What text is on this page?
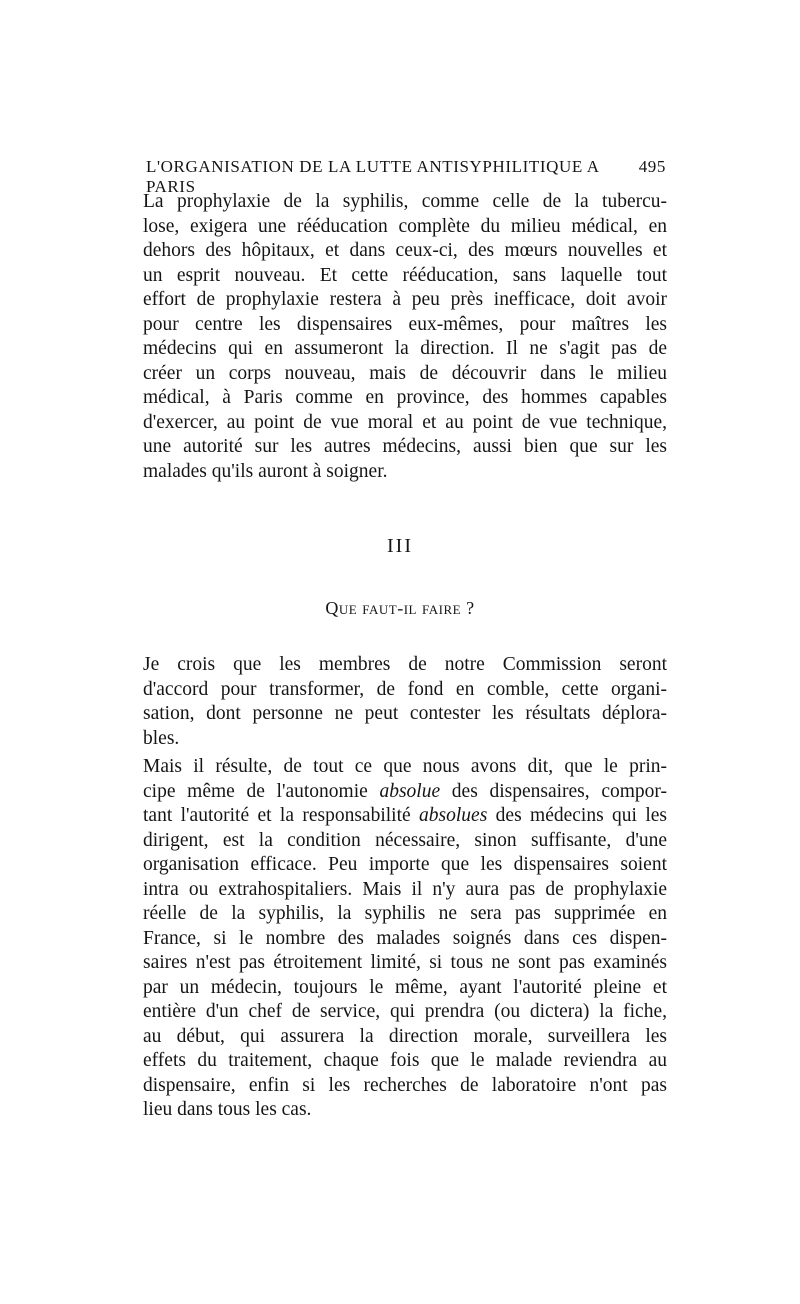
L'ORGANISATION DE LA LUTTE ANTISYPHILITIQUE A PARIS
495

La prophylaxie de la syphilis, comme celle de la tubercu-
lose, exigera une rééducation complète du milieu médical, en
dehors des hôpitaux, et dans ceux-ci, des mœurs nouvelles et
un esprit nouveau. Et cette rééducation, sans laquelle tout
effort de prophylaxie restera à peu près inefficace, doit avoir
pour centre les dispensaires eux-mêmes, pour maîtres les
médecins qui en assumeront la direction. Il ne s'agit pas de
créer un corps nouveau, mais de découvrir dans le milieu
médical, à Paris comme en province, des hommes capables
d'exercer, au point de vue moral et au point de vue technique,
une autorité sur les autres médecins, aussi bien que sur les
malades qu'ils auront à soigner.

III
Que faut-il faire ?

Je crois que les membres de notre Commission seront
d'accord pour transformer, de fond en comble, cette organi-
sation, dont personne ne peut contester les résultats déplora-
bles.

Mais il résulte, de tout ce que nous avons dit, que le prin-
cipe même de l'autonomie absolue des dispensaires, compor-
tant l'autorité et la responsabilité absolues des médecins qui les
dirigent, est la condition nécessaire, sinon suffisante, d'une
organisation efficace. Peu importe que les dispensaires soient
intra ou extrahospitaliers. Mais il n'y aura pas de prophylaxie
réelle de la syphilis, la syphilis ne sera pas supprimée en
France, si le nombre des malades soignés dans ces dispen-
saires n'est pas étroitement limité, si tous ne sont pas examinés
par un médecin, toujours le même, ayant l'autorité pleine et
entière d'un chef de service, qui prendra (ou dictera) la fiche,
au début, qui assurera la direction morale, surveillera les
effets du traitement, chaque fois que le malade reviendra au
dispensaire, enfin si les recherches de laboratoire n'ont pas
lieu dans tous les cas.
